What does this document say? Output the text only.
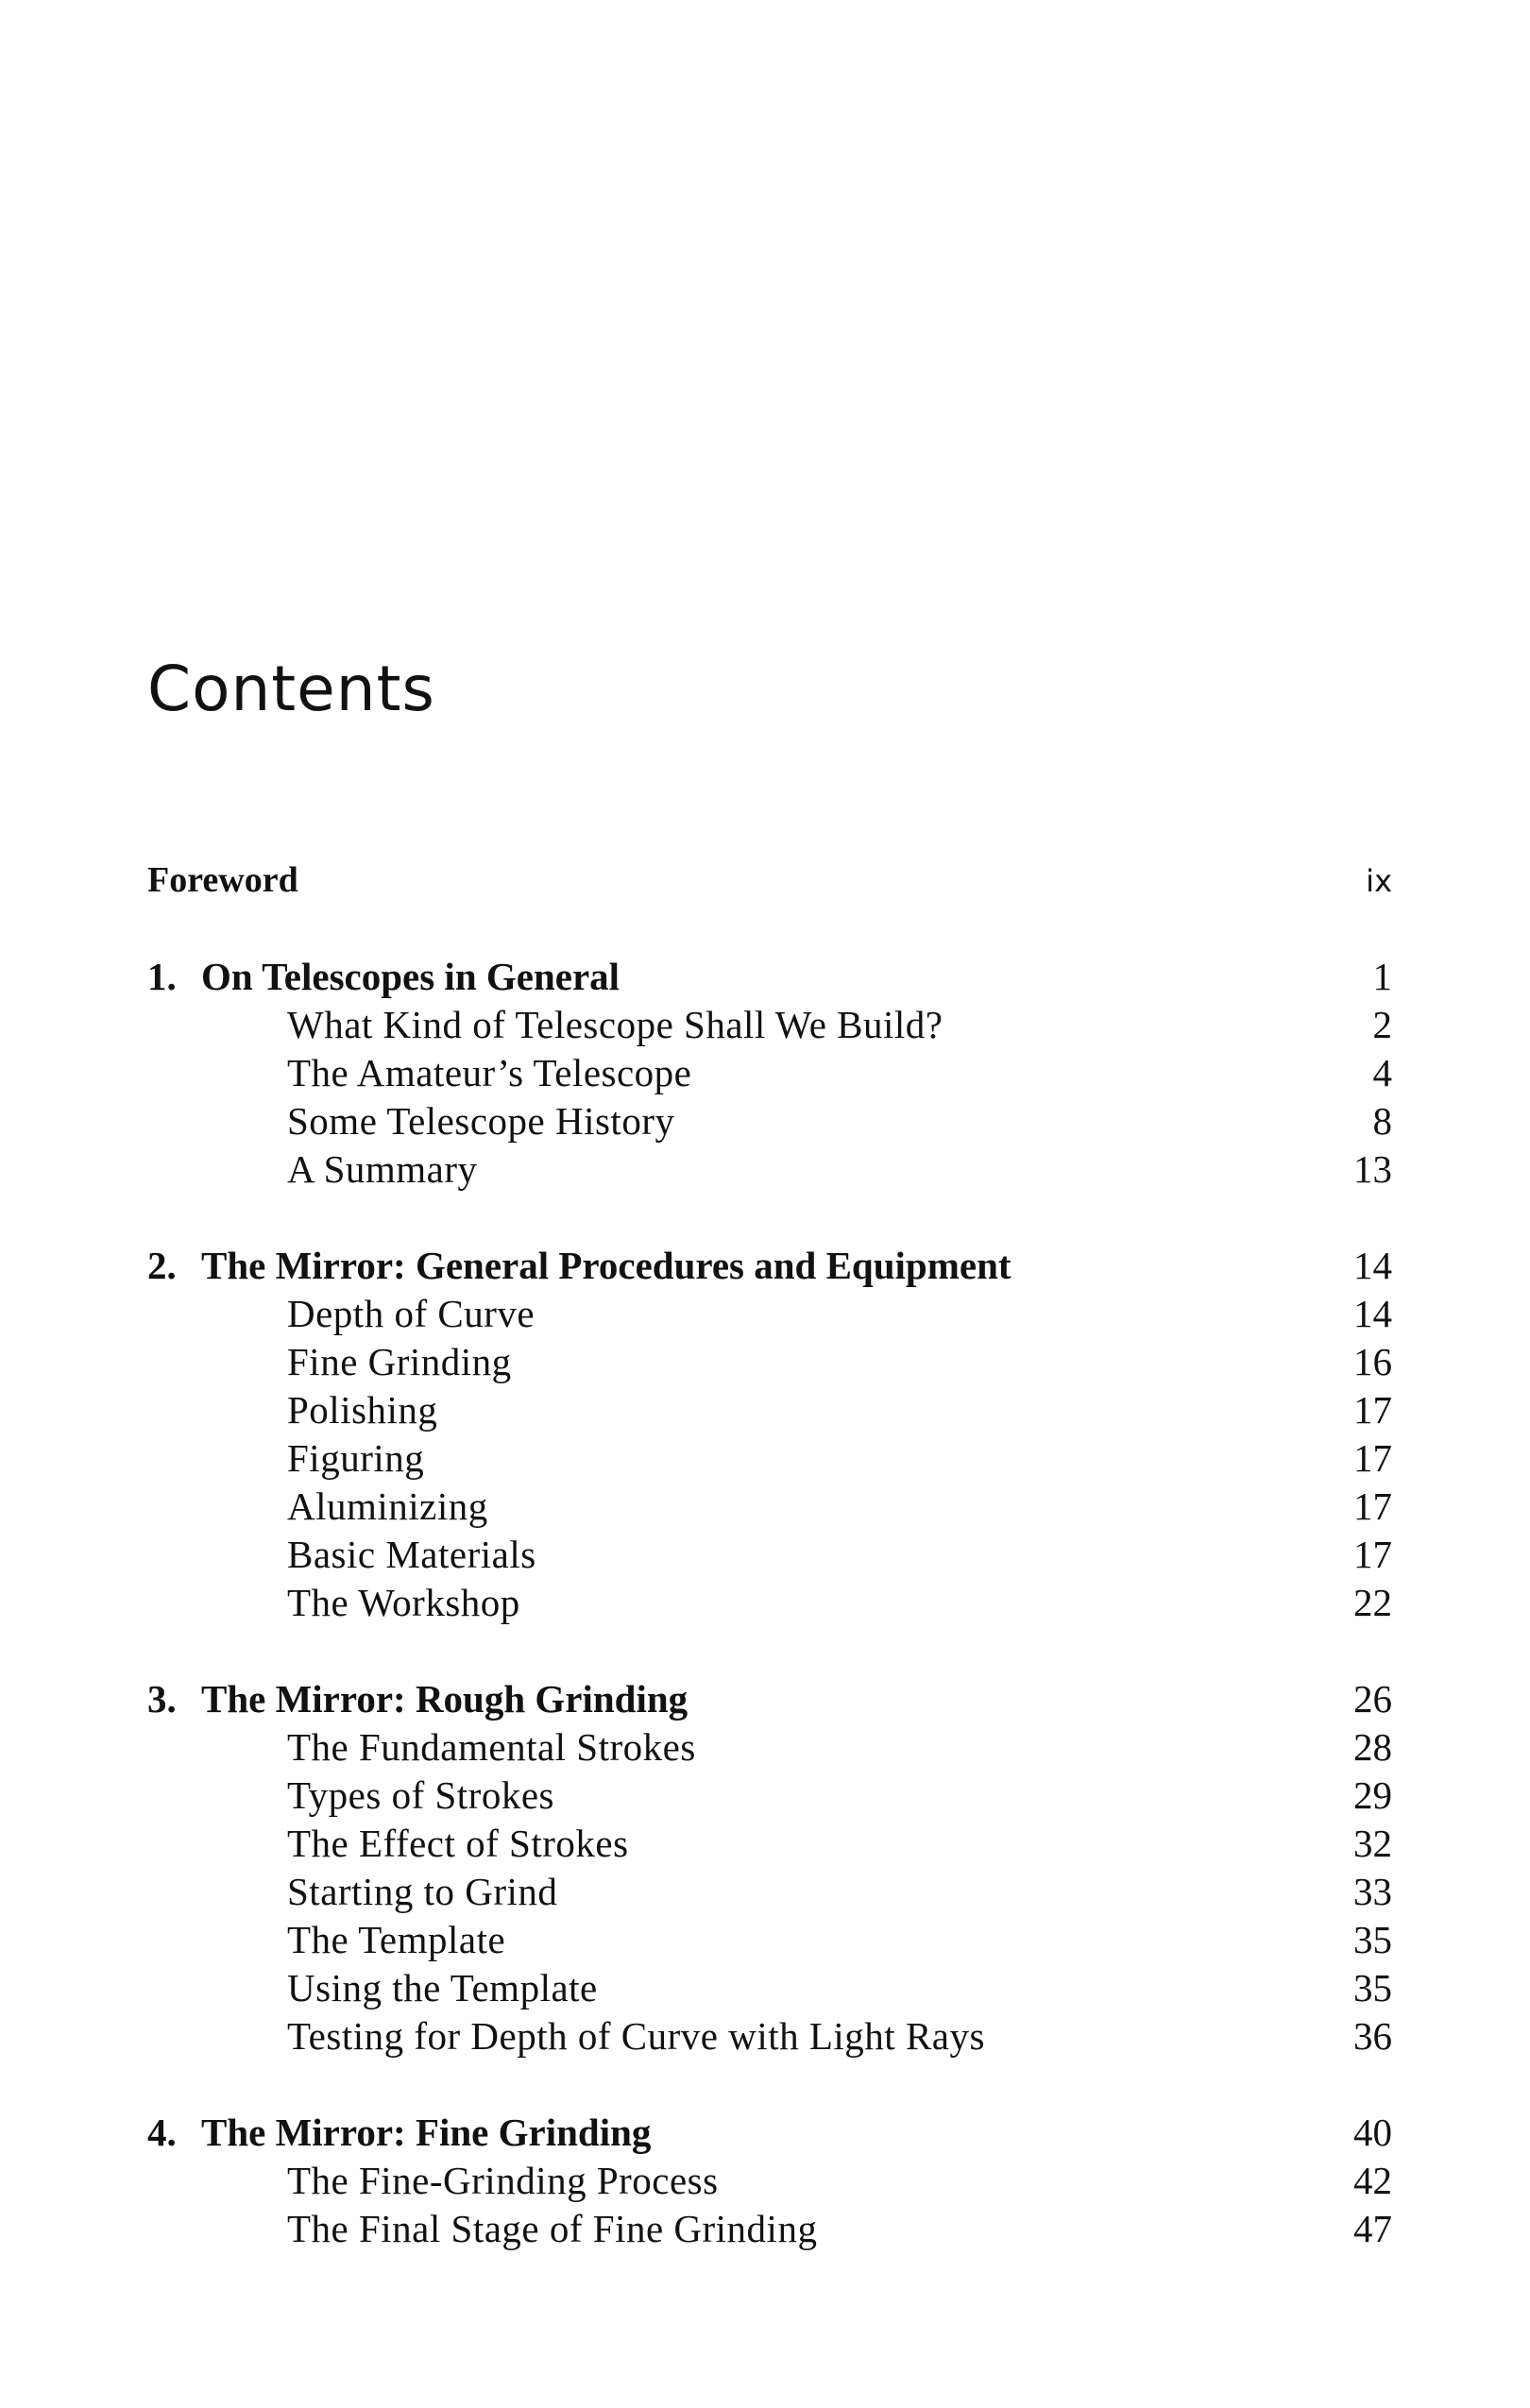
Contents
Foreword	ix
1. On Telescopes in General	1
What Kind of Telescope Shall We Build?	2
The Amateur’s Telescope	4
Some Telescope History	8
A Summary	13
2. The Mirror: General Procedures and Equipment	14
Depth of Curve	14
Fine Grinding	16
Polishing	17
Figuring	17
Aluminizing	17
Basic Materials	17
The Workshop	22
3. The Mirror: Rough Grinding	26
The Fundamental Strokes	28
Types of Strokes	29
The Effect of Strokes	32
Starting to Grind	33
The Template	35
Using the Template	35
Testing for Depth of Curve with Light Rays	36
4. The Mirror: Fine Grinding	40
The Fine-Grinding Process	42
The Final Stage of Fine Grinding	47
